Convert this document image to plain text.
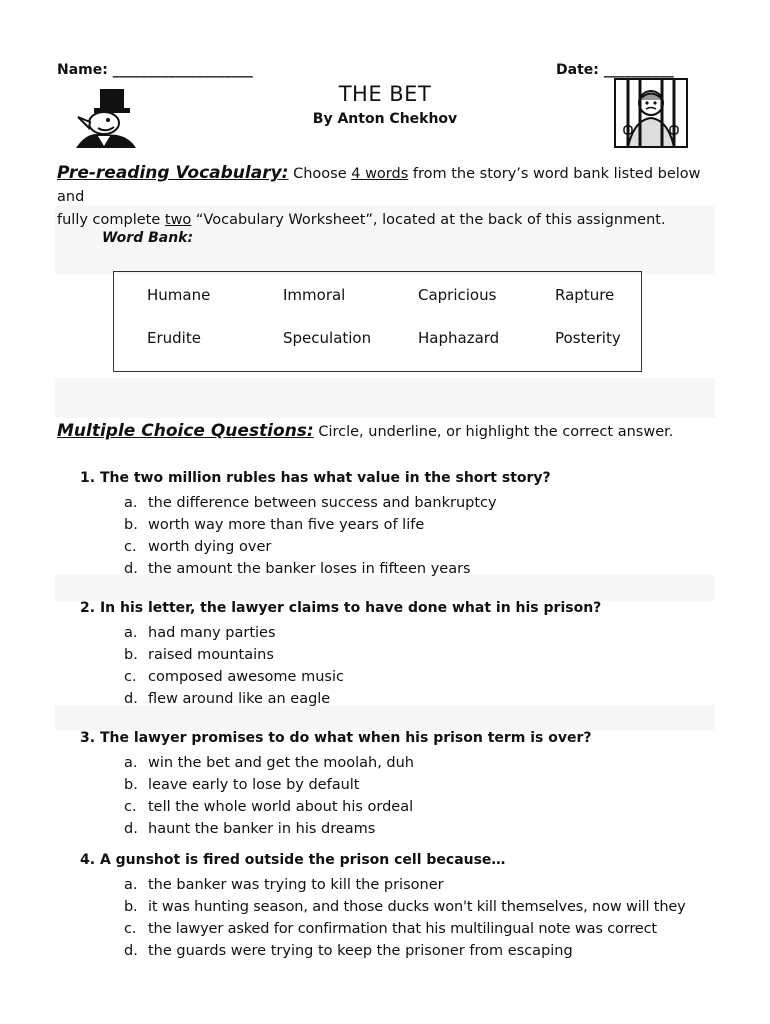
Name: ____________________	Date: __________
THE BET
By Anton Chekhov
Pre-reading Vocabulary: Choose 4 words from the story’s word bank listed below and
fully complete two “Vocabulary Worksheet”, located at the back of this assignment.
Word Bank:
Humane	Immoral	Capricious	Rapture
Erudite	Speculation	Haphazard	Posterity
Multiple Choice Questions: Circle, underline, or highlight the correct answer.
1. The two million rubles has what value in the short story?
a. the difference between success and bankruptcy
b. worth way more than five years of life
c. worth dying over
d. the amount the banker loses in fifteen years
2. In his letter, the lawyer claims to have done what in his prison?
a. had many parties
b. raised mountains
c. composed awesome music
d. flew around like an eagle
3. The lawyer promises to do what when his prison term is over?
a. win the bet and get the moolah, duh
b. leave early to lose by default
c. tell the whole world about his ordeal
d. haunt the banker in his dreams
4. A gunshot is fired outside the prison cell because…
a. the banker was trying to kill the prisoner
b. it was hunting season, and those ducks won't kill themselves, now will they
c. the lawyer asked for confirmation that his multilingual note was correct
d. the guards were trying to keep the prisoner from escaping
